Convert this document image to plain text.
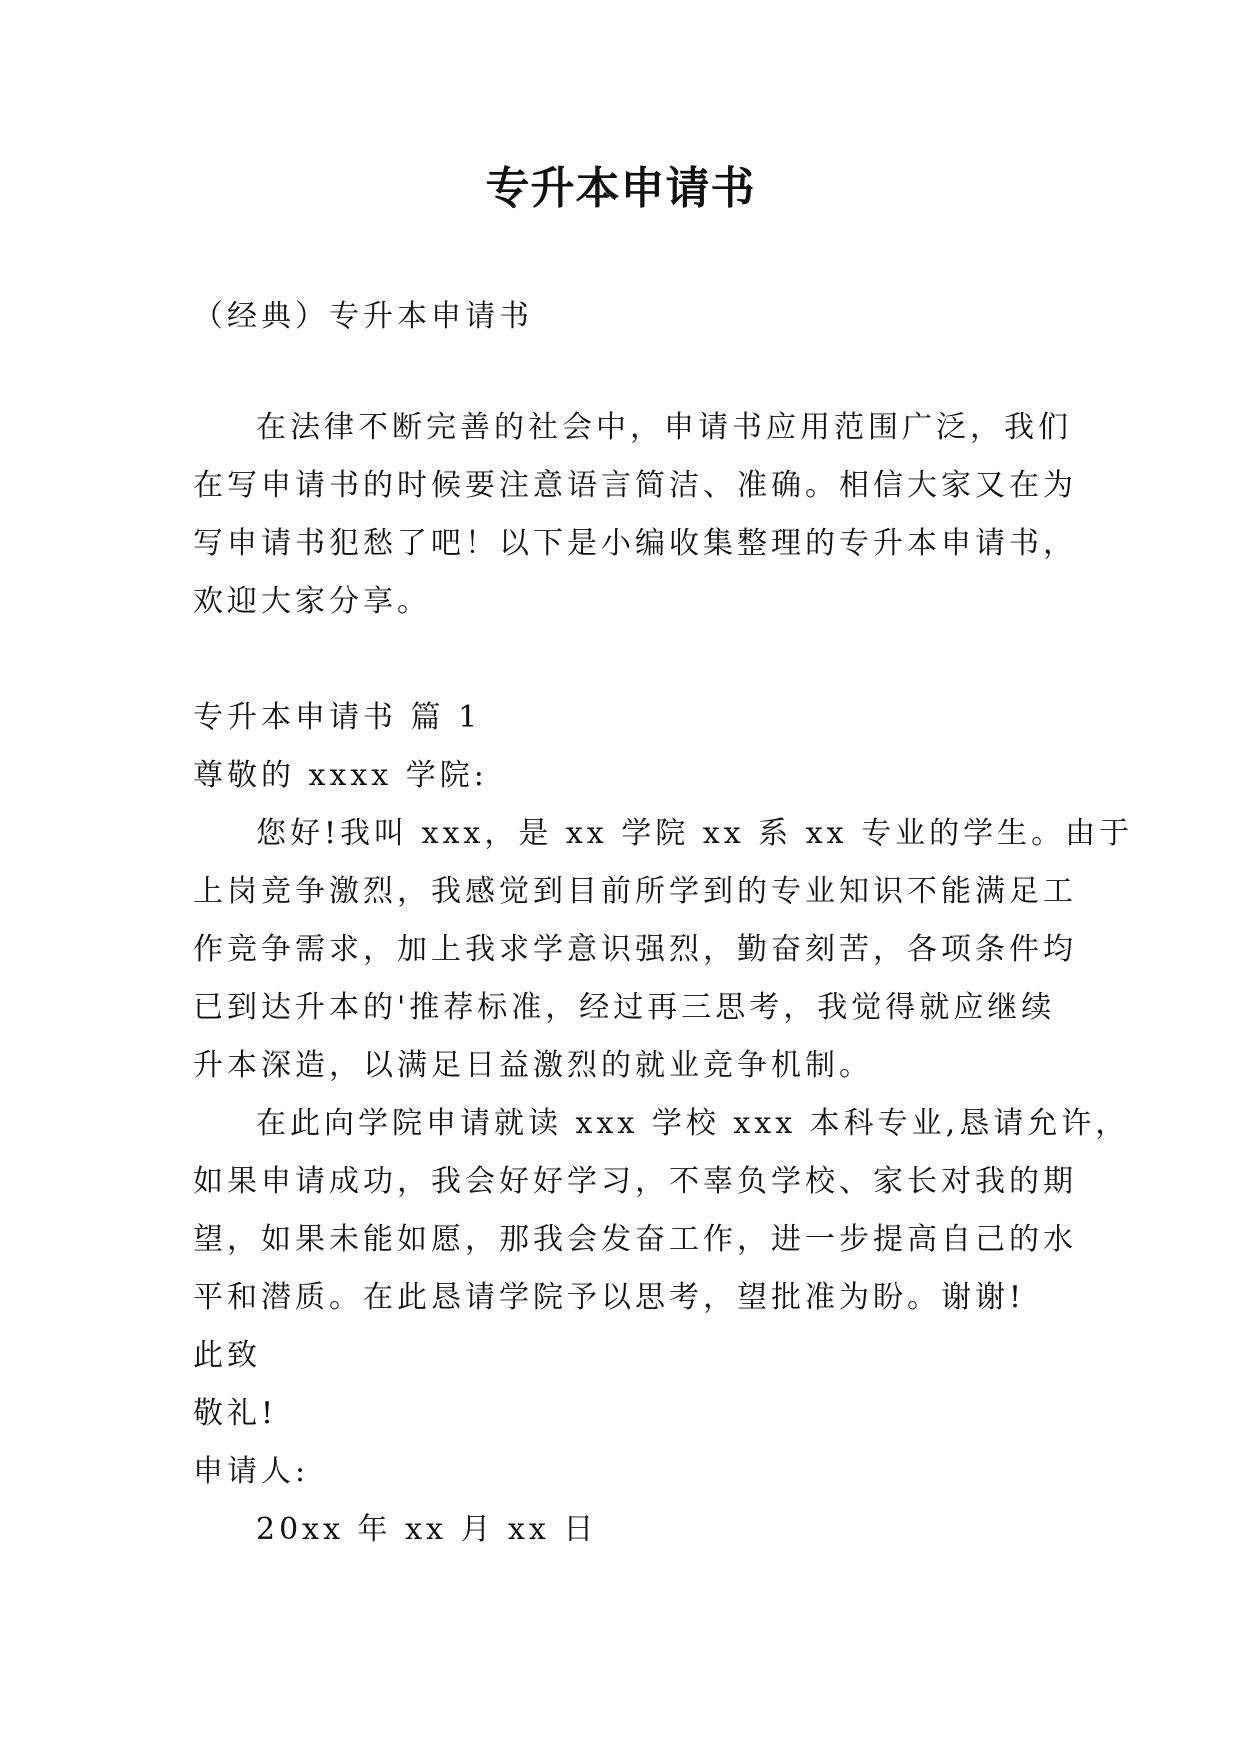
专升本申请书
（经典）专升本申请书
在法律不断完善的社会中，申请书应用范围广泛，我们
在写申请书的时候要注意语言简洁、准确。相信大家又在为
写申请书犯愁了吧！以下是小编收集整理的专升本申请书，
欢迎大家分享。
专升本申请书 篇 1
尊敬的 xxxx 学院:
您好!我叫 xxx，是 xx 学院 xx 系 xx 专业的学生。由于
上岗竞争激烈，我感觉到目前所学到的专业知识不能满足工
作竞争需求，加上我求学意识强烈，勤奋刻苦，各项条件均
已到达升本的'推荐标准，经过再三思考，我觉得就应继续
升本深造，以满足日益激烈的就业竞争机制。
在此向学院申请就读 xxx 学校 xxx 本科专业,恳请允许，
如果申请成功，我会好好学习，不辜负学校、家长对我的期
望，如果未能如愿，那我会发奋工作，进一步提高自己的水
平和潜质。在此恳请学院予以思考，望批准为盼。谢谢!
此致
敬礼!
申请人:
20xx 年 xx 月 xx 日
